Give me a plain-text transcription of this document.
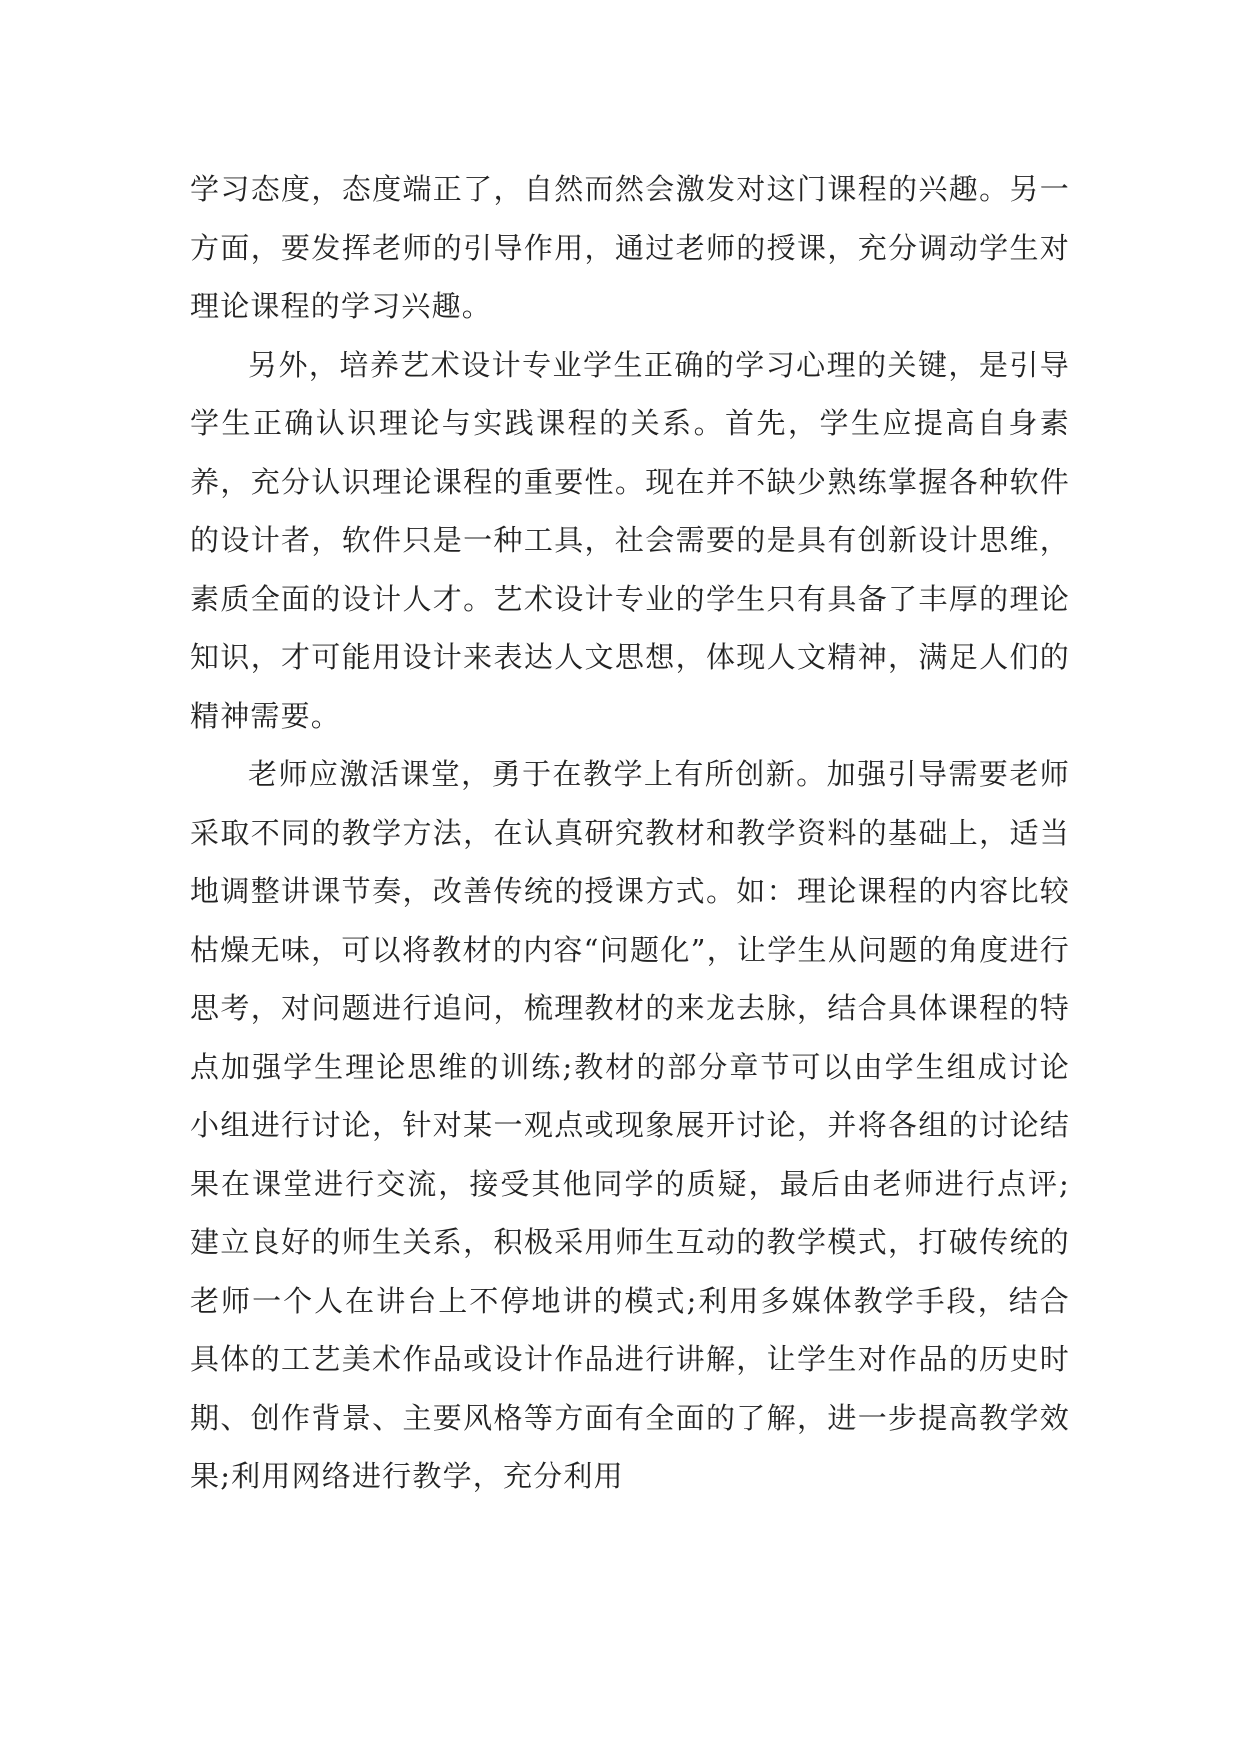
学习态度，态度端正了，自然而然会激发对这门课程的兴趣。另一方面，要发挥老师的引导作用，通过老师的授课，充分调动学生对理论课程的学习兴趣。

另外，培养艺术设计专业学生正确的学习心理的关键，是引导学生正确认识理论与实践课程的关系。首先，学生应提高自身素养，充分认识理论课程的重要性。现在并不缺少熟练掌握各种软件的设计者，软件只是一种工具，社会需要的是具有创新设计思维，素质全面的设计人才。艺术设计专业的学生只有具备了丰厚的理论知识，才可能用设计来表达人文思想，体现人文精神，满足人们的精神需要。

老师应激活课堂，勇于在教学上有所创新。加强引导需要老师采取不同的教学方法，在认真研究教材和教学资料的基础上，适当地调整讲课节奏，改善传统的授课方式。如：理论课程的内容比较枯燥无味，可以将教材的内容“问题化”，让学生从问题的角度进行思考，对问题进行追问，梳理教材的来龙去脉，结合具体课程的特点加强学生理论思维的训练;教材的部分章节可以由学生组成讨论小组进行讨论，针对某一观点或现象展开讨论，并将各组的讨论结果在课堂进行交流，接受其他同学的质疑，最后由老师进行点评;建立良好的师生关系，积极采用师生互动的教学模式，打破传统的老师一个人在讲台上不停地讲的模式;利用多媒体教学手段，结合具体的工艺美术作品或设计作品进行讲解，让学生对作品的历史时期、创作背景、主要风格等方面有全面的了解，进一步提高教学效果;利用网络进行教学，充分利用
